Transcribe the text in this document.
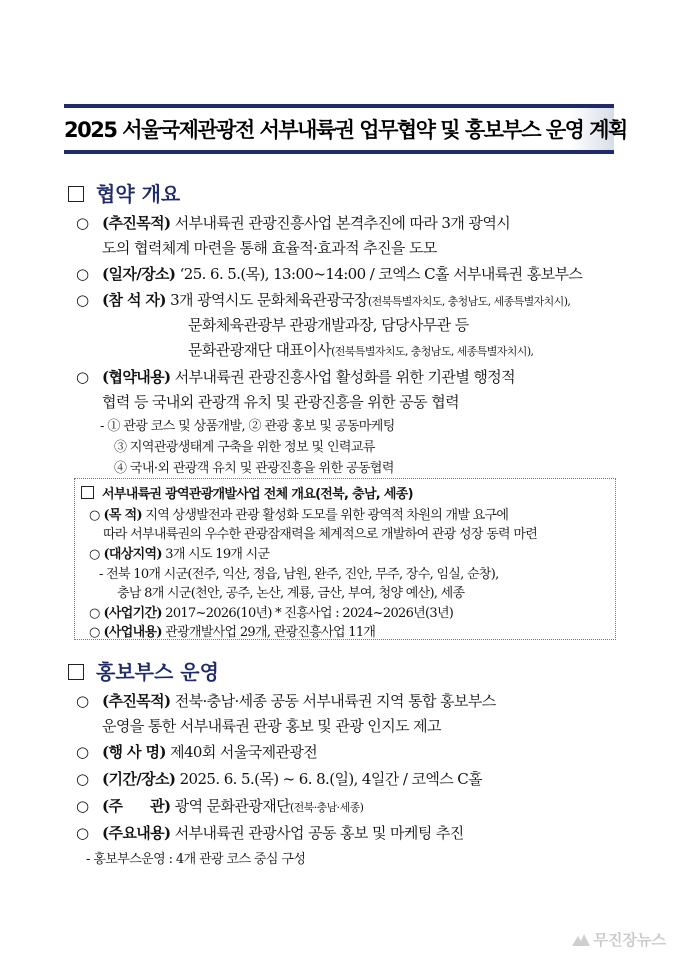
2025 서울국제관광전 서부내륙권 업무협약 및 홍보부스 운영 계획
협약 개요
○ (추진목적) 서부내륙권 관광진흥사업 본격추진에 따라 3개 광역시
도의 협력체계 마련을 통해 효율적·효과적 추진을 도모
○ (일자/장소) ‘25. 6. 5.(목), 13:00~14:00 / 코엑스 C홀 서부내륙권 홍보부스
○ (참 석 자) 3개 광역시도 문화체육관광국장(전북특별자치도, 충청남도, 세종특별자치시),
문화체육관광부 관광개발과장, 담당사무관 등
문화관광재단 대표이사(전북특별자치도, 충청남도, 세종특별자치시),
○ (협약내용) 서부내륙권 관광진흥사업 활성화를 위한 기관별 행정적
협력 등 국내외 관광객 유치 및 관광진흥을 위한 공동 협력
- ① 관광 코스 및 상품개발, ② 관광 홍보 및 공동마케팅
③ 지역관광생태계 구축을 위한 정보 및 인력교류
④ 국내·외 관광객 유치 및 관광진흥을 위한 공동협력
서부내륙권 광역관광개발사업 전체 개요(전북, 충남, 세종)
○ (목 적) 지역 상생발전과 관광 활성화 도모를 위한 광역적 차원의 개발 요구에
따라 서부내륙권의 우수한 관광잠재력을 체계적으로 개발하여 관광 성장 동력 마련
○ (대상지역) 3개 시도 19개 시군
- 전북 10개 시군(전주, 익산, 정읍, 남원, 완주, 진안, 무주, 장수, 임실, 순창),
충남 8개 시군(천안, 공주, 논산, 계룡, 금산, 부여, 청양 예산), 세종
○ (사업기간) 2017~2026(10년) * 진흥사업 : 2024~2026년(3년)
○ (사업내용) 관광개발사업 29개, 관광진흥사업 11개
홍보부스 운영
○ (추진목적) 전북·충남·세종 공동 서부내륙권 지역 통합 홍보부스
운영을 통한 서부내륙권 관광 홍보 및 관광 인지도 제고
○ (행 사 명) 제40회 서울국제관광전
○ (기간/장소) 2025. 6. 5.(목) ~ 6. 8.(일), 4일간 / 코엑스 C홀
○ (주      관) 광역 문화관광재단(전북·충남·세종)
○ (주요내용) 서부내륙권 관광사업 공동 홍보 및 마케팅 추진
- 홍보부스운영 : 4개 관광 코스 중심 구성
무진장뉴스
